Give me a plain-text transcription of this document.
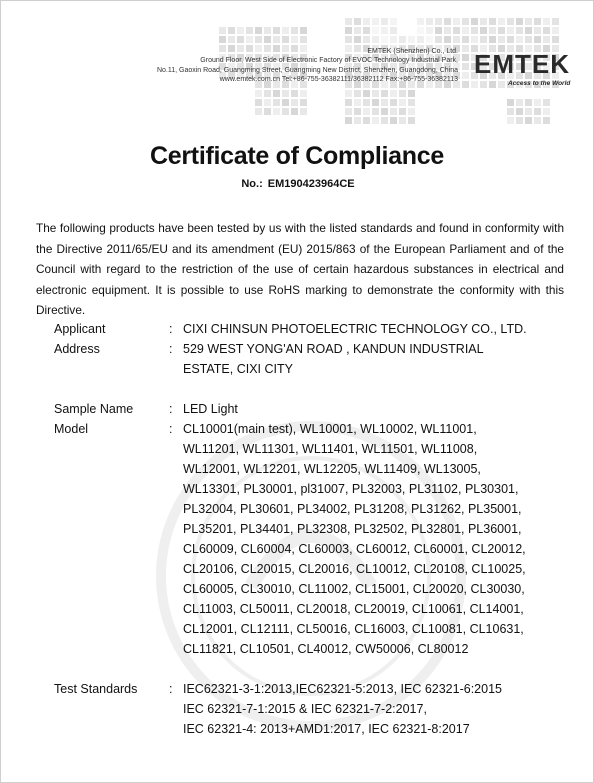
EMTEK (Shenzhen) Co., Ltd.
Ground Floor, West Side of Electronic Factory of EVOC Technology Industrial Park,
No.11, Gaoxin Road, Guangming Street, Guangming New District, Shenzhen, Guangdong, China
www.emtek.com.cn Tel:+86-755-36382111/36382112 Fax:+86-755-36382113
EMTEK
Access to the World
Certificate of Compliance
No.: EM190423964CE
The following products have been tested by us with the listed standards and found in conformity with the Directive 2011/65/EU and its amendment (EU) 2015/863 of the European Parliament and of the Council with regard to the restriction of the use of certain hazardous substances in electrical and electronic equipment. It is possible to use RoHS marking to demonstrate the conformity with this Directive.
Applicant	: CIXI CHINSUN PHOTOELECTRIC TECHNOLOGY CO., LTD.
Address	: 529 WEST YONG'AN ROAD , KANDUN INDUSTRIAL
ESTATE, CIXI CITY
Sample Name	: LED Light
Model	: CL10001(main test), WL10001, WL10002, WL11001,
WL11201, WL11301, WL11401, WL11501, WL11008,
WL12001, WL12201, WL12205, WL11409, WL13005,
WL13301, PL30001, pl31007, PL32003, PL31102, PL30301,
PL32004, PL30601, PL34002, PL31208, PL31262, PL35001,
PL35201, PL34401, PL32308, PL32502, PL32801, PL36001,
CL60009, CL60004, CL60003, CL60012, CL60001, CL20012,
CL20106, CL20015, CL20016, CL10012, CL20108, CL10025,
CL60005, CL30010, CL11002, CL15001, CL20020, CL30030,
CL11003, CL50011, CL20018, CL20019, CL10061, CL14001,
CL12001, CL12111, CL50016, CL16003, CL10081, CL10631,
CL11821, CL10501, CL40012, CW50006, CL80012
Test Standards	: IEC62321-3-1:2013,IEC62321-5:2013, IEC 62321-6:2015
IEC 62321-7-1:2015 & IEC 62321-7-2:2017,
IEC 62321-4: 2013+AMD1:2017, IEC 62321-8:2017
